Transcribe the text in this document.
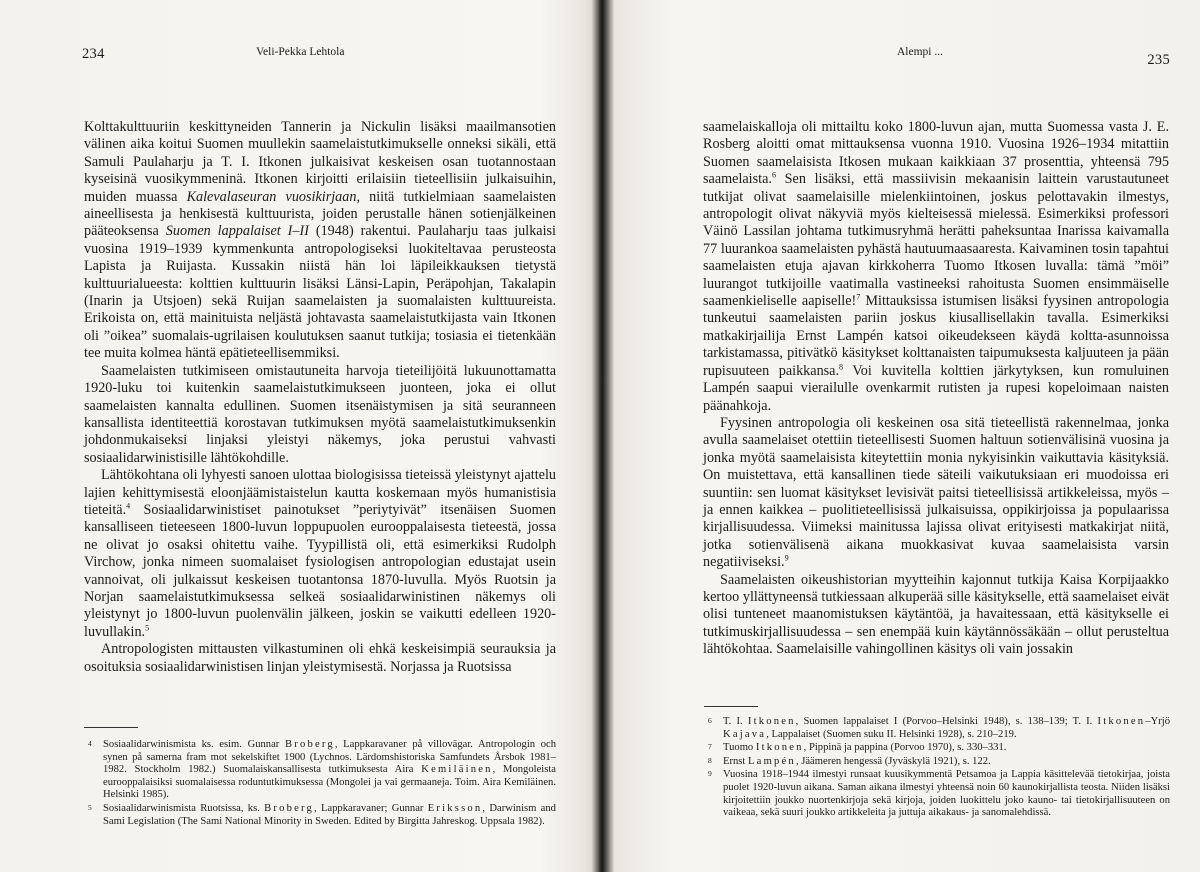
234	Veli-Pekka Lehtola

Kolttakulttuuriin keskittyneiden Tannerin ja Nickulin lisäksi maailmansotien välinen aika koitui Suomen muullekin saamelaistutkimukselle onneksi sikäli, että Samuli Paulaharju ja T. I. Itkonen julkaisivat keskeisen osan tuotannostaan kyseisinä vuosikymmeninä. Itkonen kirjoitti erilaisiin tieteellisiin julkaisuihin, muiden muassa Kalevalaseuran vuosikirjaan, niitä tutkielmiaan saamelaisten aineellisesta ja henkisestä kulttuurista, joiden perustalle hänen sotienjälkeinen pääteoksensa Suomen lappalaiset I–II (1948) rakentui. Paulaharju taas julkaisi vuosina 1919–1939 kymmenkunta antropologiseksi luokiteltavaa perusteosta Lapista ja Ruijasta. Kussakin niistä hän loi läpileikkauksen tietystä kulttuurialueesta: kolttien kulttuurin lisäksi Länsi-Lapin, Peräpohjan, Takalapin (Inarin ja Utsjoen) sekä Ruijan saamelaisten ja suomalaisten kulttuureista. Erikoista on, että mainituista neljästä johtavasta saamelaistutkijasta vain Itkonen oli ”oikea” suomalais-ugrilaisen koulutuksen saanut tutkija; tosiasia ei tietenkään tee muita kolmea häntä epätieteellisemmiksi.

Saamelaisten tutkimiseen omistautuneita harvoja tieteilijöitä lukuunottamatta 1920-luku toi kuitenkin saamelaistutkimukseen juonteen, joka ei ollut saamelaisten kannalta edullinen. Suomen itsenäistymisen ja sitä seuranneen kansallista identiteettiä korostavan tutkimuksen myötä saamelaistutkimuksenkin johdonmukaiseksi linjaksi yleistyi näkemys, joka perustui vahvasti sosiaalidarwinistisille lähtökohdille.

Lähtökohtana oli lyhyesti sanoen ulottaa biologisissa tieteissä yleistynyt ajattelu lajien kehittymisestä eloonjäämistaistelun kautta koskemaan myös humanistisia tieteitä.$^4$ Sosiaalidarwinistiset painotukset ”periytyivät” itsenäisen Suomen kansalliseen tieteeseen 1800-luvun loppupuolen eurooppalaisesta tieteestä, jossa ne olivat jo osaksi ohitettu vaihe. Tyypillistä oli, että esimerkiksi Rudolph Virchow, jonka nimeen suomalaiset fysiologisen antropologian edustajat usein vannoivat, oli julkaissut keskeisen tuotantonsa 1870-luvulla. Myös Ruotsin ja Norjan saamelaistutkimuksessa selkeä sosiaalidarwinistinen näkemys oli yleistynyt jo 1800-luvun puolenvälin jälkeen, joskin se vaikutti edelleen 1920-luvullakin.$^5$

Antropologisten mittausten vilkastuminen oli ehkä keskeisimpiä seurauksia ja osoituksia sosiaalidarwinistisen linjan yleistymisestä. Norjassa ja Ruotsissa

4 Sosiaalidarwinismista ks. esim. Gunnar Broberg, Lappkaravaner på villovägar. Antropologin och synen på samerna fram mot sekelskiftet 1900 (Lychnos. Lärdomshistoriska Samfundets Årsbok 1981–1982. Stockholm 1982.) Suomalaiskansallisesta tutkimuksesta Aira Kemiläinen, Mongoleista eurooppalaisiksi suomalaisessa roduntutkimuksessa (Mongolei ja vai germaaneja. Toim. Aira Kemiläinen. Helsinki 1985).
5 Sosiaalidarwinismista Ruotsissa, ks. Broberg, Lappkaravaner; Gunnar Eriksson, Darwinism and Sami Legislation (The Sami National Minority in Sweden. Edited by Birgitta Jahreskog. Uppsala 1982).
Alempi ...	235

saamelaiskalloja oli mittailtu koko 1800-luvun ajan, mutta Suomessa vasta J. E. Rosberg aloitti omat mittauksensa vuonna 1910. Vuosina 1926–1934 mitattiin Suomen saamelaisista Itkosen mukaan kaikkiaan 37 prosenttia, yhteensä 795 saamelaista.$^6$ Sen lisäksi, että massiivisin mekaanisin laittein varustautuneet tutkijat olivat saamelaisille mielenkiintoinen, joskus pelottavakin ilmestys, antropologit olivat näkyviä myös kielteisessä mielessä. Esimerkiksi professori Väinö Lassilan johtama tutkimusryhmä herätti paheksuntaa Inarissa kaivamalla 77 luurankoa saamelaisten pyhästä hautuumaasaaresta. Kaivaminen tosin tapahtui saamelaisten etuja ajavan kirkkoherra Tuomo Itkosen luvalla: tämä ”möi” luurangot tutkijoille vaatimalla vastineeksi rahoitusta Suomen ensimmäiselle saamenkieliselle aapiselle!$^7$ Mittauksissa istumisen lisäksi fyysinen antropologia tunkeutui saamelaisten pariin joskus kiusallisellakin tavalla. Esimerkiksi matkakirjailija Ernst Lampén katsoi oikeudekseen käydä koltta-asunnoissa tarkistamassa, pitivätkö käsitykset kolttanaisten taipumuksesta kaljuuteen ja pään rupisuuteen paikkansa.$^8$ Voi kuvitella kolttien järkytyksen, kun romuluinen Lampén saapui vierailulle ovenkarmit rutisten ja rupesi kopeloimaan naisten päänahkoja.

Fyysinen antropologia oli keskeinen osa sitä tieteellistä rakennelmaa, jonka avulla saamelaiset otettiin tieteellisesti Suomen haltuun sotienvälisinä vuosina ja jonka myötä saamelaisista kiteytettiin monia nykyisinkin vaikuttavia käsityksiä. On muistettava, että kansallinen tiede säteili vaikutuksiaan eri muodoissa eri suuntiin: sen luomat käsitykset levisivät paitsi tieteellisissä artikkeleissa, myös – ja ennen kaikkea – puolitieteellisissä julkaisuissa, oppikirjoissa ja populaarissa kirjallisuudessa. Viimeksi mainitussa lajissa olivat erityisesti matkakirjat niitä, jotka sotienvälisenä aikana muokkasivat kuvaa saamelaisista varsin negatiiviseksi.$^9$

Saamelaisten oikeushistorian myytteihin kajonnut tutkija Kaisa Korpijaakko kertoo yllättyneensä tutkiessaan alkuperää sille käsitykselle, että saamelaiset eivät olisi tunteneet maanomistuksen käytäntöä, ja havaitessaan, että käsitykselle ei tutkimuskirjallisuudessa – sen enempää kuin käytännössäkään – ollut perusteltua lähtökohtaa. Saamelaisille vahingollinen käsitys oli vain jossakin

6 T. I. Itkonen, Suomen lappalaiset I (Porvoo–Helsinki 1948), s. 138–139; T. I. Itkonen–Yrjö Kajava, Lappalaiset (Suomen suku II. Helsinki 1928), s. 210–219.
7 Tuomo Itkonen, Pippinä ja pappina (Porvoo 1970), s. 330–331.
8 Ernst Lampén, Jäämeren hengessä (Jyväskylä 1921), s. 122.
9 Vuosina 1918–1944 ilmestyi runsaat kuusikymmentä Petsamoa ja Lappia käsittelevää tietokirjaa, joista puolet 1920-luvun aikana. Saman aikana ilmestyi yhteensä noin 60 kaunokirjallista teosta. Niiden lisäksi kirjoitettiin joukko nuortenkirjoja sekä kirjoja, joiden luokittelu joko kauno- tai tietokirjallisuuteen on vaikeaa, sekä suuri joukko artikkeleita ja juttuja aikakaus- ja sanomalehdissä.
